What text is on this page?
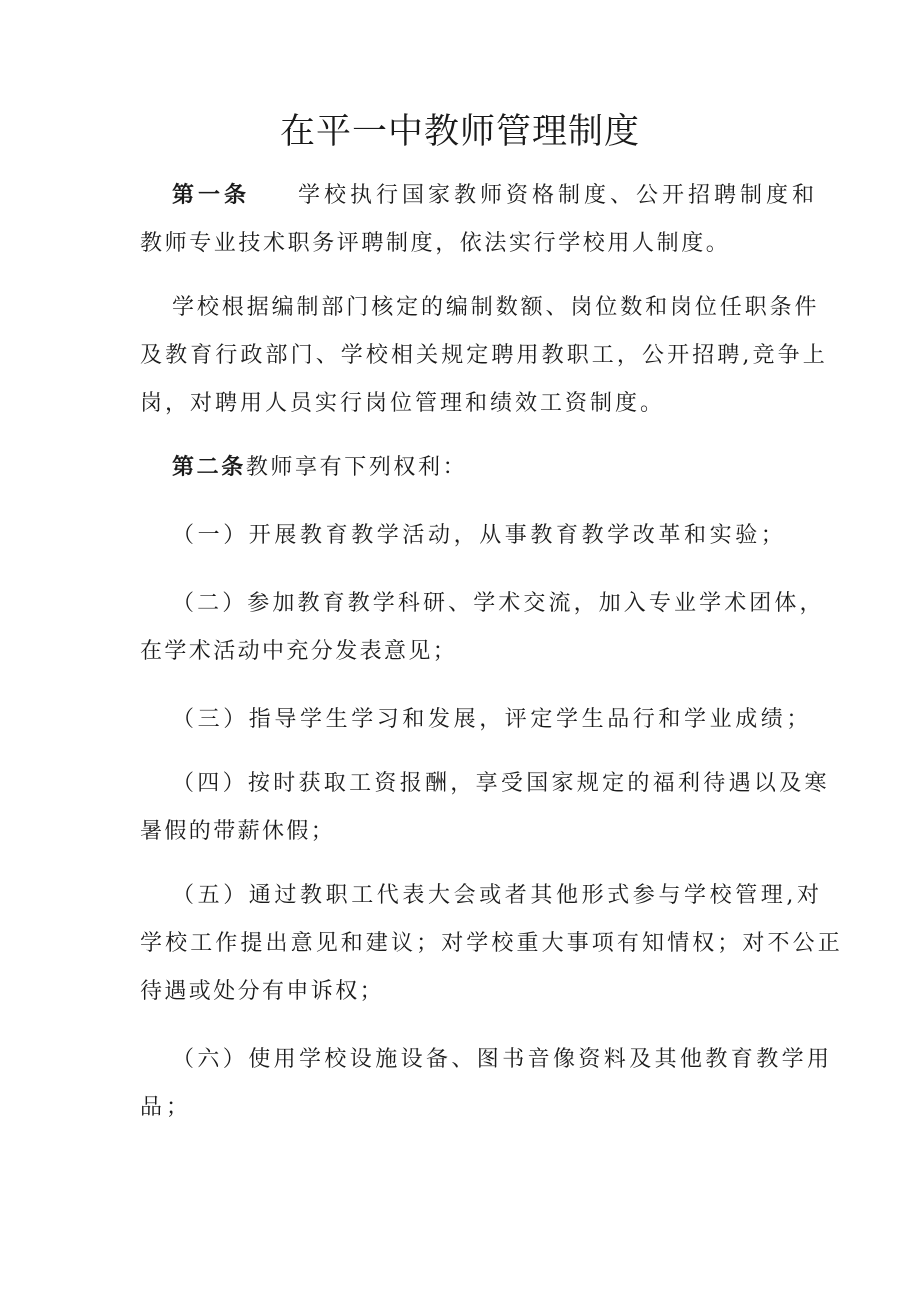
在平一中教师管理制度
第一条 学校执行国家教师资格制度、公开招聘制度和
教师专业技术职务评聘制度，依法实行学校用人制度。
学校根据编制部门核定的编制数额、岗位数和岗位任职条件
及教育行政部门、学校相关规定聘用教职工，公开招聘,竞争上
岗，对聘用人员实行岗位管理和绩效工资制度。
第二条教师享有下列权利：
（一）开展教育教学活动，从事教育教学改革和实验；
（二）参加教育教学科研、学术交流，加入专业学术团体，
在学术活动中充分发表意见；
（三）指导学生学习和发展，评定学生品行和学业成绩；
（四）按时获取工资报酬，享受国家规定的福利待遇以及寒
暑假的带薪休假；
（五）通过教职工代表大会或者其他形式参与学校管理,对
学校工作提出意见和建议；对学校重大事项有知情权；对不公正
待遇或处分有申诉权；
（六）使用学校设施设备、图书音像资料及其他教育教学用
品；
